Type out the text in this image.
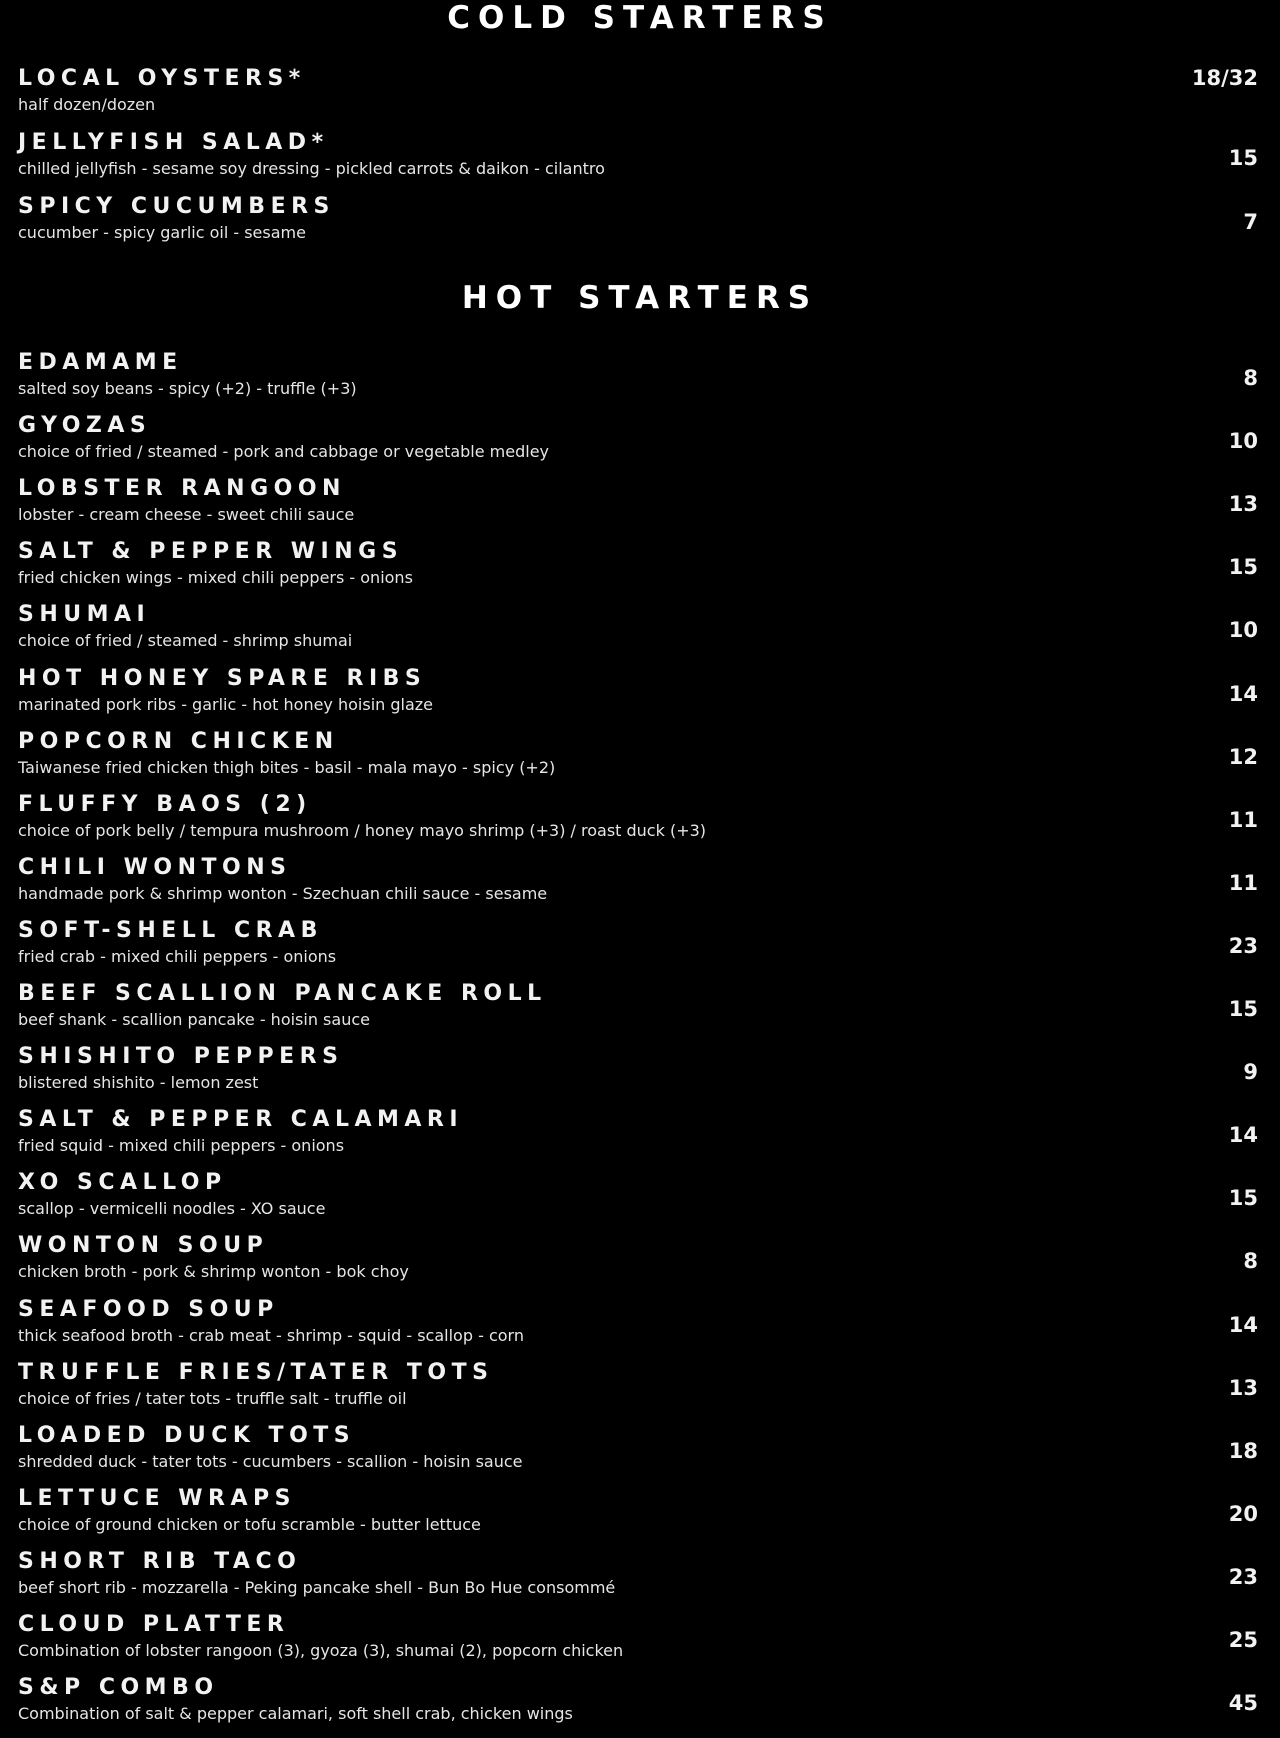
COLD STARTERS
LOCAL OYSTERS*
half dozen/dozen
18/32
JELLYFISH SALAD*
chilled jellyfish - sesame soy dressing - pickled carrots & daikon - cilantro	15
SPICY CUCUMBERS
cucumber - spicy garlic oil - sesame	7
HOT STARTERS
EDAMAME
salted soy beans - spicy (+2) - truffle (+3)	8
GYOZAS
choice of fried / steamed - pork and cabbage or vegetable medley	10
LOBSTER RANGOON
lobster - cream cheese - sweet chili sauce	13
SALT & PEPPER WINGS
fried chicken wings - mixed chili peppers - onions	15
SHUMAI
choice of fried / steamed - shrimp shumai	10
HOT HONEY SPARE RIBS
marinated pork ribs - garlic - hot honey hoisin glaze	14
POPCORN CHICKEN
Taiwanese fried chicken thigh bites - basil - mala mayo - spicy (+2)	12
FLUFFY BAOS (2)
choice of pork belly / tempura mushroom / honey mayo shrimp (+3) / roast duck (+3)	11
CHILI WONTONS
handmade pork & shrimp wonton - Szechuan chili sauce - sesame	11
SOFT-SHELL CRAB
fried crab - mixed chili peppers - onions	23
BEEF SCALLION PANCAKE ROLL
beef shank - scallion pancake - hoisin sauce	15
SHISHITO PEPPERS
blistered shishito - lemon zest	9
SALT & PEPPER CALAMARI
fried squid - mixed chili peppers - onions	14
XO SCALLOP
scallop - vermicelli noodles - XO sauce	15
WONTON SOUP
chicken broth - pork & shrimp wonton - bok choy	8
SEAFOOD SOUP
thick seafood broth - crab meat - shrimp - squid - scallop - corn	14
TRUFFLE FRIES/TATER TOTS
choice of fries / tater tots - truffle salt - truffle oil	13
LOADED DUCK TOTS
shredded duck - tater tots - cucumbers - scallion - hoisin sauce	18
LETTUCE WRAPS
choice of ground chicken or tofu scramble - butter lettuce	20
SHORT RIB TACO
beef short rib - mozzarella - Peking pancake shell - Bun Bo Hue consommé	23
CLOUD PLATTER
Combination of lobster rangoon (3), gyoza (3), shumai (2), popcorn chicken	25
S&P COMBO
Combination of salt & pepper calamari, soft shell crab, chicken wings	45
